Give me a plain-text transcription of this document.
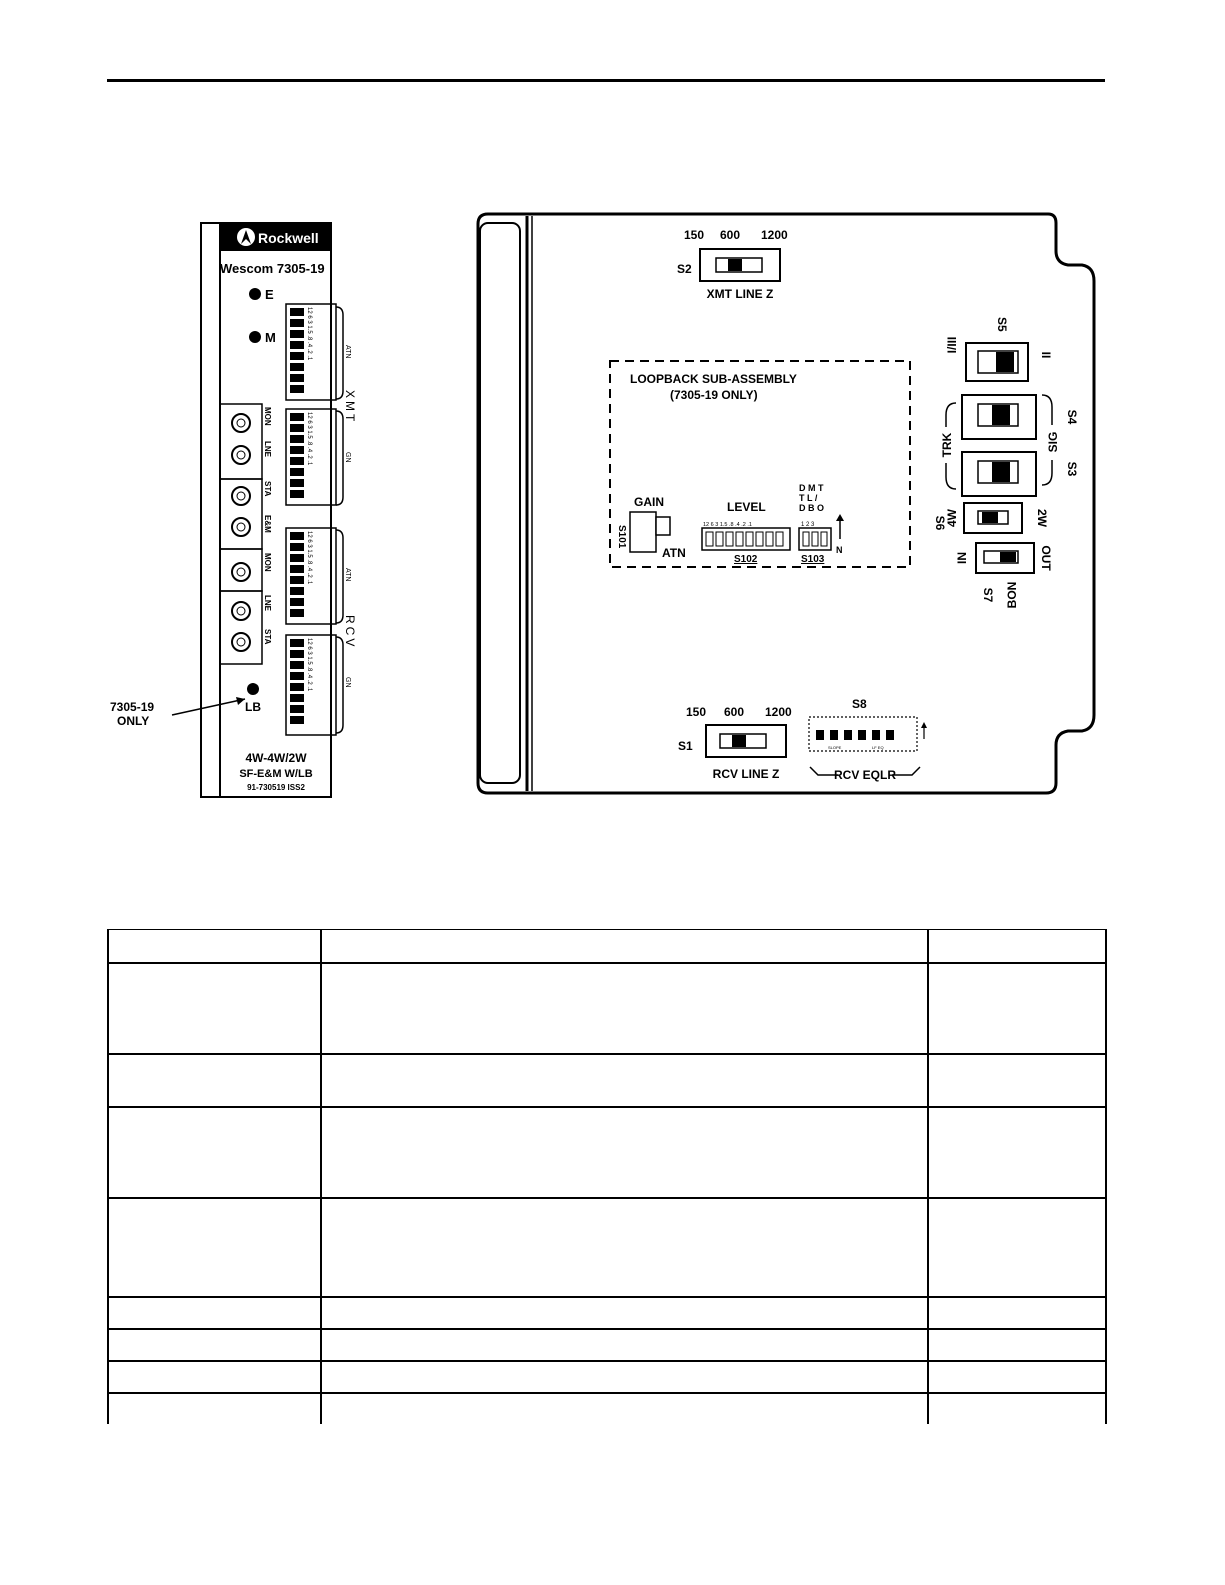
Rockwell
Wescom 7305-19
E
M	12 6 3 1.5 .8 .4 .2 .1
12 6 3 1.5 .8 .4 .2 .1
12 6 3 1.5 .8 .4 .2 .1
12 6 3 1.5 .8 .4 .2 .1
ATN
GN
ATN
GN
XMT
RCV
MON
LNE
STA
E&M
MON
LNE
STA
LB
7305-19
ONLY
4W-4W/2W
SF-E&M W/LB
91-730519 ISS2
150 600 1200
S2
XMT LINE Z
LOOPBACK SUB-ASSEMBLY
(7305-19 ONLY)
GAIN
S101
ATN
LEVEL
12 6 3 1.5 .8 .4 .2 .1
S102
D M T
T L /
D B O
1 2 3
S103
N
S5
I/III
II
TRK	SIG
S4
S3
S6
4W	2W
IN	OUT
S7 BON
150 600 1200
S1
RCV LINE Z
S8
SLOPE	LF EQ
RCV EQLR
